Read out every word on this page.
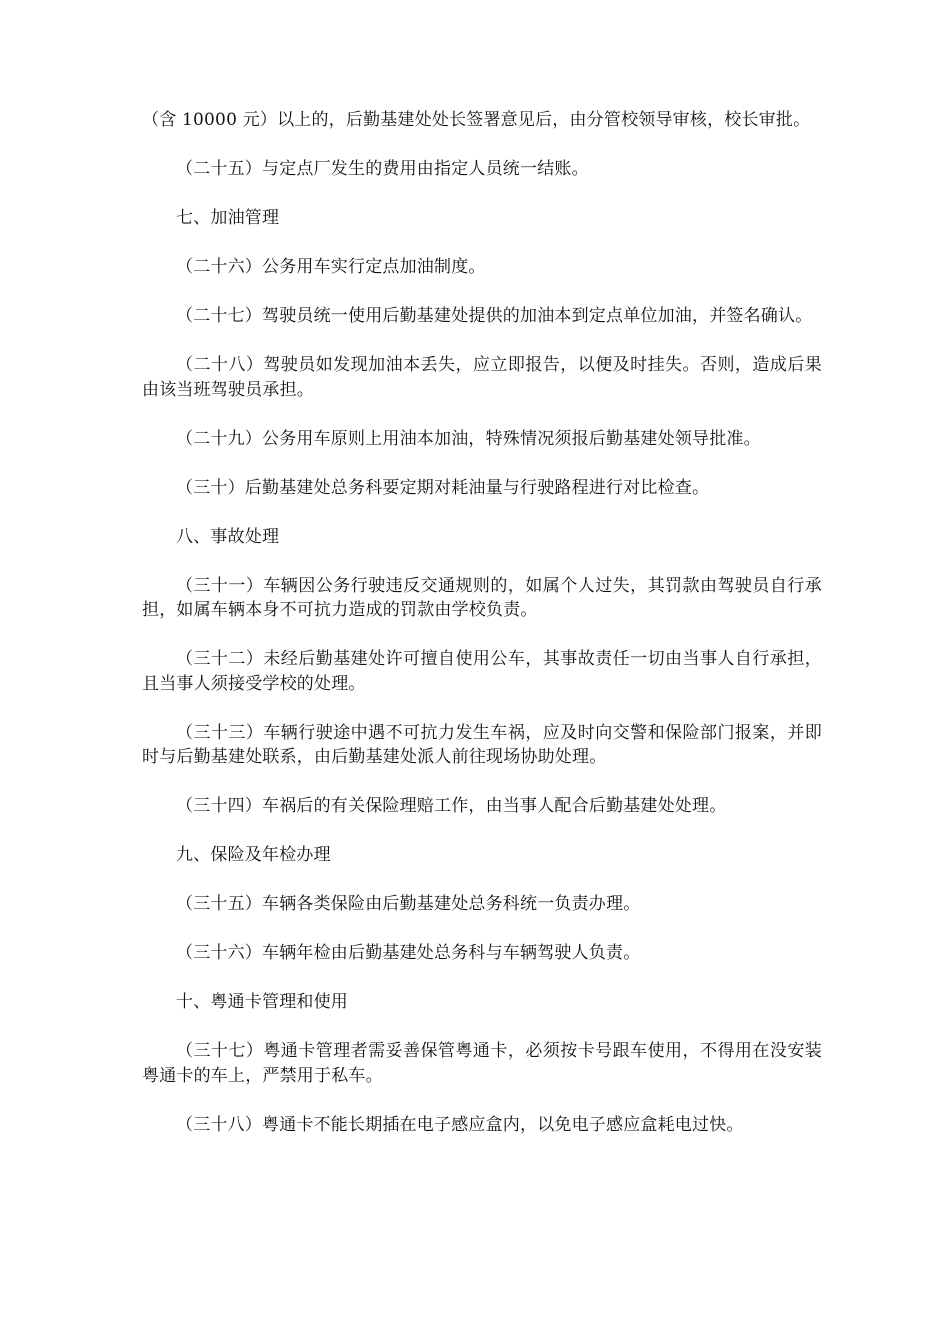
（含 10000 元）以上的，后勤基建处处长签署意见后，由分管校领导审核，校长审批。

（二十五）与定点厂发生的费用由指定人员统一结账。

七、加油管理

（二十六）公务用车实行定点加油制度。

（二十七）驾驶员统一使用后勤基建处提供的加油本到定点单位加油，并签名确认。

（二十八）驾驶员如发现加油本丢失，应立即报告，以便及时挂失。否则，造成后果由该当班驾驶员承担。

（二十九）公务用车原则上用油本加油，特殊情况须报后勤基建处领导批准。

（三十）后勤基建处总务科要定期对耗油量与行驶路程进行对比检查。

八、事故处理

（三十一）车辆因公务行驶违反交通规则的，如属个人过失，其罚款由驾驶员自行承担，如属车辆本身不可抗力造成的罚款由学校负责。

（三十二）未经后勤基建处许可擅自使用公车，其事故责任一切由当事人自行承担，且当事人须接受学校的处理。

（三十三）车辆行驶途中遇不可抗力发生车祸，应及时向交警和保险部门报案，并即时与后勤基建处联系，由后勤基建处派人前往现场协助处理。

（三十四）车祸后的有关保险理赔工作，由当事人配合后勤基建处处理。

九、保险及年检办理

（三十五）车辆各类保险由后勤基建处总务科统一负责办理。

（三十六）车辆年检由后勤基建处总务科与车辆驾驶人负责。

十、粤通卡管理和使用

（三十七）粤通卡管理者需妥善保管粤通卡，必须按卡号跟车使用，不得用在没安装粤通卡的车上，严禁用于私车。

（三十八）粤通卡不能长期插在电子感应盒内，以免电子感应盒耗电过快。
